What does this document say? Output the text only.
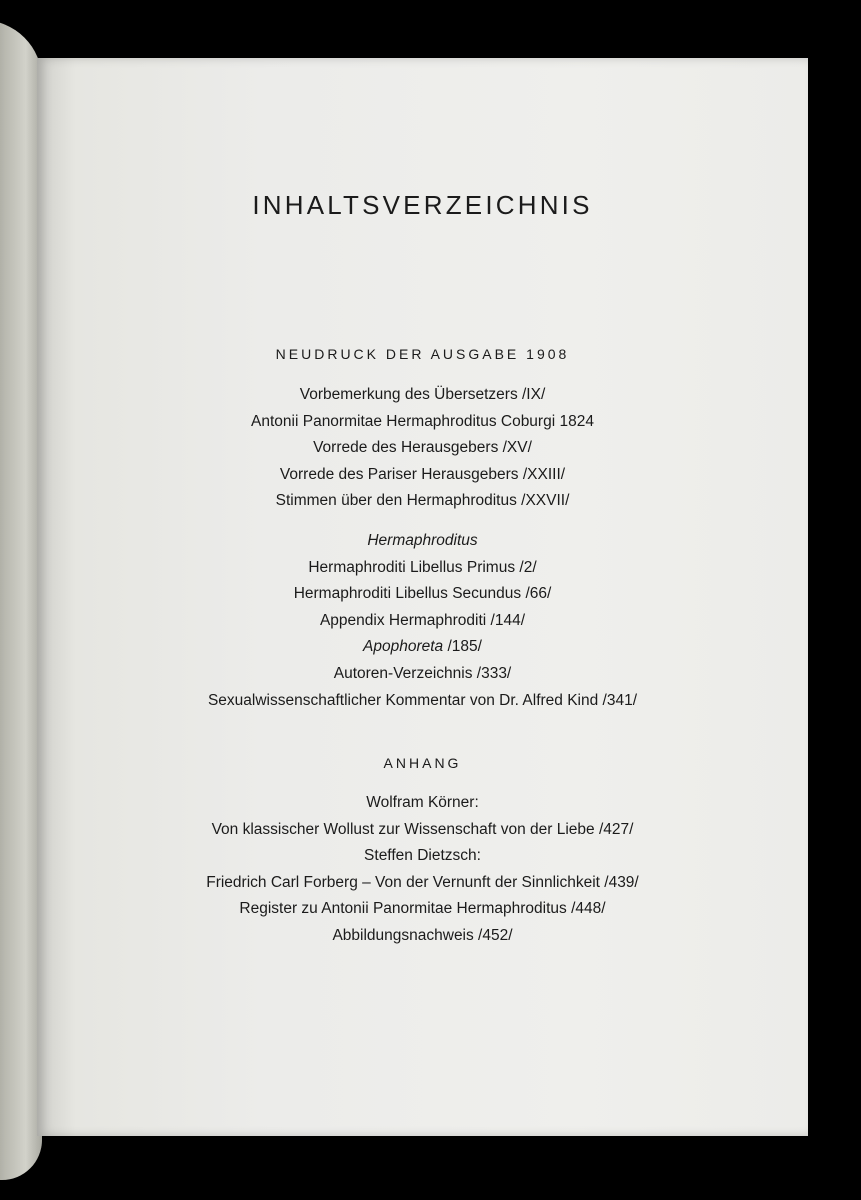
INHALTSVERZEICHNIS
NEUDRUCK DER AUSGABE 1908
Vorbemerkung des Übersetzers /IX/
Antonii Panormitae Hermaphroditus Coburgi 1824
Vorrede des Herausgebers /XV/
Vorrede des Pariser Herausgebers /XXIII/
Stimmen über den Hermaphroditus /XXVII/
Hermaphroditus
Hermaphroditi Libellus Primus /2/
Hermaphroditi Libellus Secundus /66/
Appendix Hermaphroditi /144/
Apophoreta /185/
Autoren-Verzeichnis /333/
Sexualwissenschaftlicher Kommentar von Dr. Alfred Kind /341/
ANHANG
Wolfram Körner:
Von klassischer Wollust zur Wissenschaft von der Liebe /427/
Steffen Dietzsch:
Friedrich Carl Forberg – Von der Vernunft der Sinnlichkeit /439/
Register zu Antonii Panormitae Hermaphroditus /448/
Abbildungsnachweis /452/
